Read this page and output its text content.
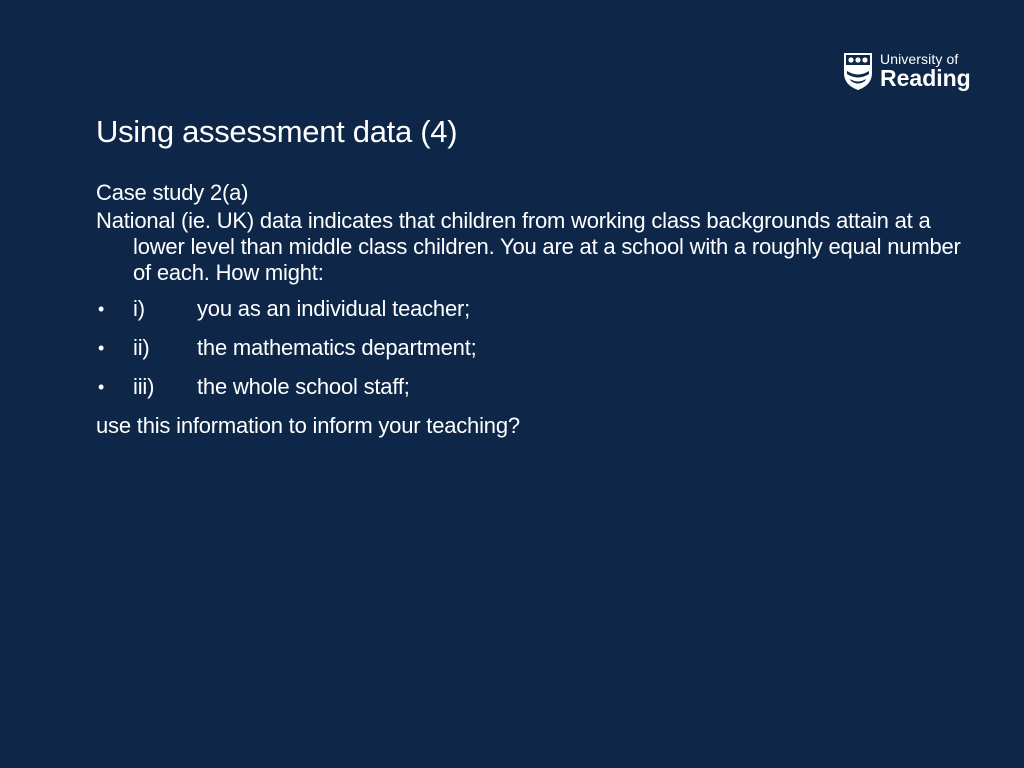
University of
Reading
Using assessment data (4)
Case study 2(a)
National (ie. UK) data indicates that children from working class backgrounds attain at a lower level than middle class children. You are at a school with a roughly equal number of each. How might:
• i) you as an individual teacher;
• ii) the mathematics department;
• iii) the whole school staff;
use this information to inform your teaching?
